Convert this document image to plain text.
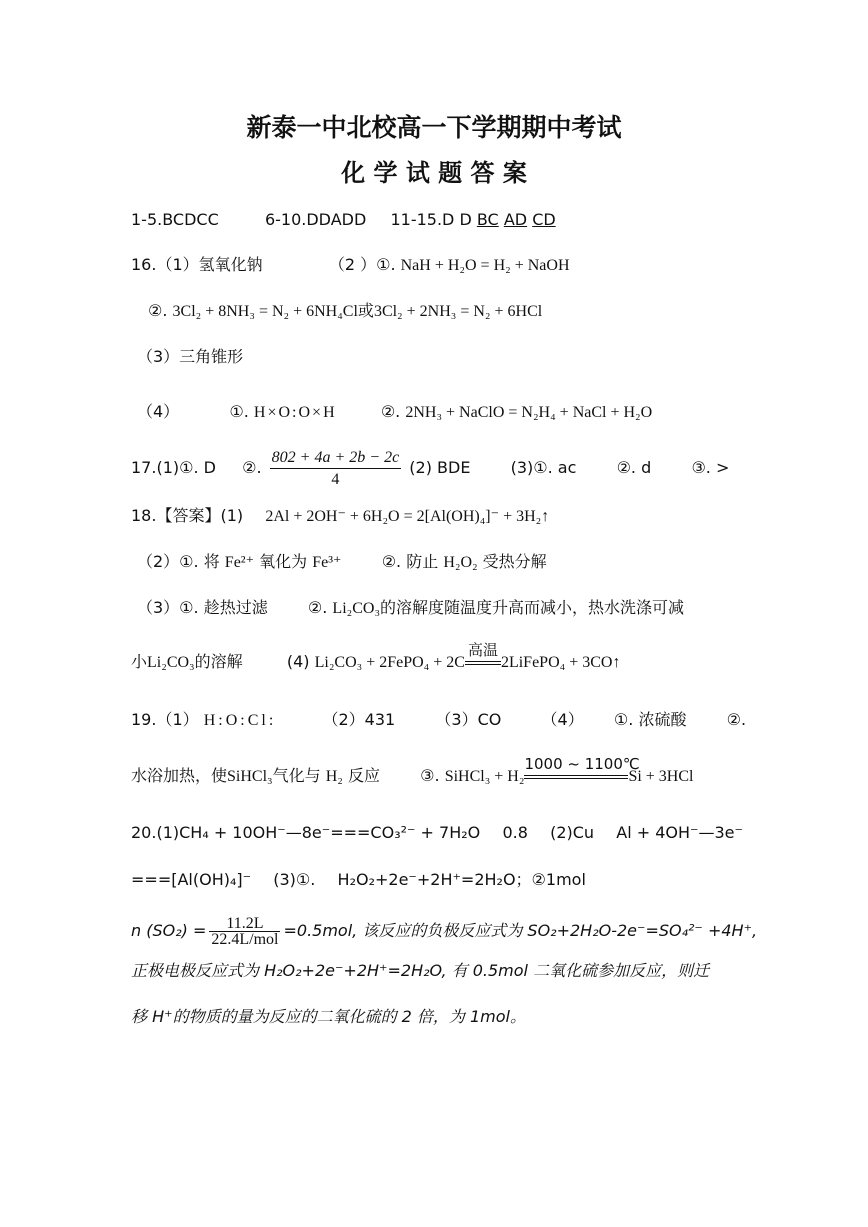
新泰一中北校高一下学期期中考试
化 学 试 题 答 案
1-5.BCDCC	6-10.DDADD 11-15.D D BC AD CD
16.（1）氢氧化钠	（2 ）①. NaH + H₂O = H₂ + NaOH
②. 3Cl₂ + 8NH₃ = N₂ + 6NH₄Cl或3Cl₂ + 2NH₃ = N₂ + 6HCl
（3）三角锥形
（4）	①. H×O:O×H	②. 2NH₃ + NaClO = N₂H₄ + NaCl + H₂O
17.(1)①. D ②. $\frac{802 + 4a + 2b - 2c}{4} (2)$ BDE	(3)①. ac	②. d	③. >
18.【答案】(1) 2Al + 2OH⁻ + 6H₂O = 2[Al(OH)₄]⁻ + 3H₂↑
（2）①. 将 Fe²⁺ 氧化为 Fe³⁺	②. 防止 H₂O₂ 受热分解
（3）①. 趁热过滤	②. Li₂CO₃的溶解度随温度升高而减小，热水洗涤可减
小Li₂CO₃的溶解	(4) Li₂CO₃ + 2FePO₄ + 2C
高温
2LiFePO₄ + 3CO↑
19.（1） H:O:Cl:	（2）431	（3）CO	（4） ①. 浓硫酸	②.
水浴加热，使SiHCl₃气化与 H₂ 反应	③. SiHCl₃ + H₂
1000 ~ 1100℃
Si + 3HCl
20.(1)CH₄ + 10OH⁻—8e⁻===CO₃²⁻ + 7H₂O 0.8 (2)Cu Al + 4OH⁻—3e⁻
===[Al(OH)₄]⁻ (3)①. H₂O₂+2e⁻+2H⁺=2H₂O；②1mol
n $(SO_2) = \frac{11.2L}{\text{22.4L/mol}} =0.5mol$, 该反应的负极反应式为 SO₂+2H₂O-2e⁻=SO₄²⁻ +4H⁺,
正极电极反应式为 H₂O₂+2e⁻+2H⁺=2H₂O, 有 0.5mol 二氧化硫参加反应，则迁
移 H⁺的物质的量为反应的二氧化硫的 2 倍，为 1mol。
